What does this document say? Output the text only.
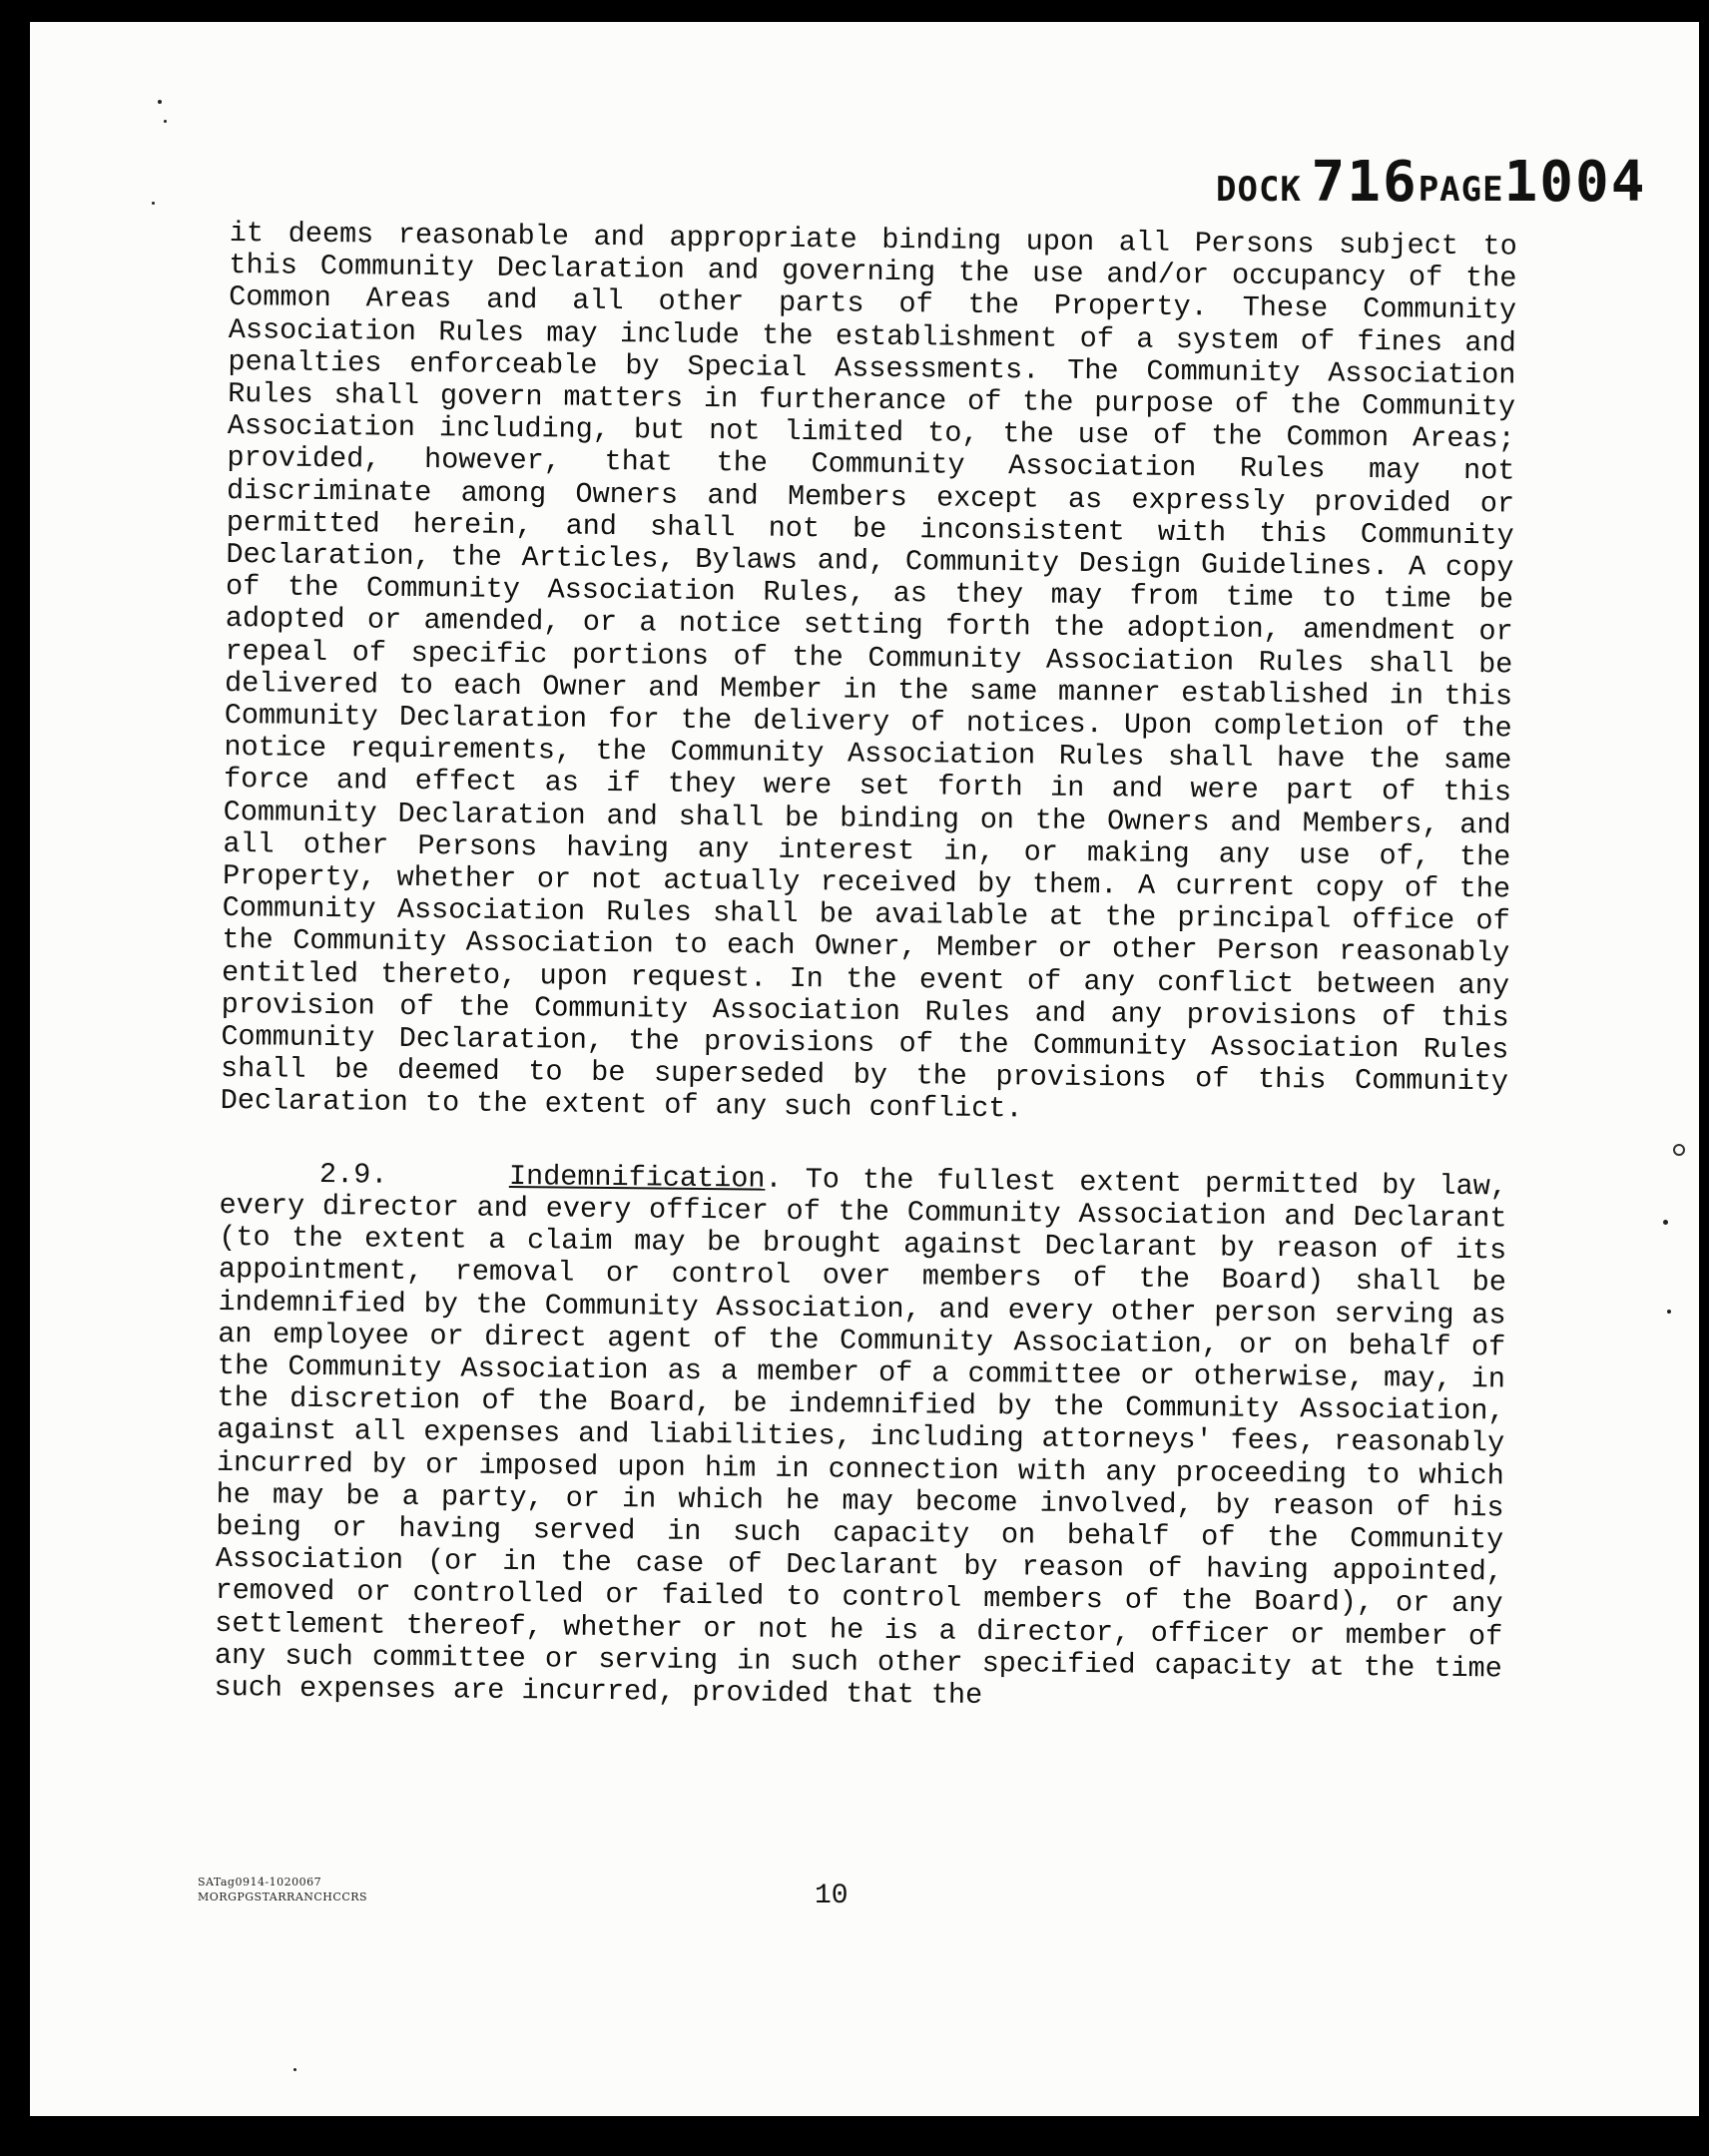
DOCK 716PAGE1004

it deems reasonable and appropriate binding upon all Persons subject to this Community Declaration and governing the use and/or occupancy of the Common Areas and all other parts of the Property. These Community Association Rules may include the establishment of a system of fines and penalties enforceable by Special Assessments. The Community Association Rules shall govern matters in furtherance of the purpose of the Community Association including, but not limited to, the use of the Common Areas; provided, however, that the Community Association Rules may not discriminate among Owners and Members except as expressly provided or permitted herein, and shall not be inconsistent with this Community Declaration, the Articles, Bylaws and, Community Design Guidelines. A copy of the Community Association Rules, as they may from time to time be adopted or amended, or a notice setting forth the adoption, amendment or repeal of specific portions of the Community Association Rules shall be delivered to each Owner and Member in the same manner established in this Community Declaration for the delivery of notices. Upon completion of the notice requirements, the Community Association Rules shall have the same force and effect as if they were set forth in and were part of this Community Declaration and shall be binding on the Owners and Members, and all other Persons having any interest in, or making any use of, the Property, whether or not actually received by them. A current copy of the Community Association Rules shall be available at the principal office of the Community Association to each Owner, Member or other Person reasonably entitled thereto, upon request. In the event of any conflict between any provision of the Community Association Rules and any provisions of this Community Declaration, the provisions of the Community Association Rules shall be deemed to be superseded by the provisions of this Community Declaration to the extent of any such conflict.

2.9.	Indemnification. To the fullest extent permitted by law, every director and every officer of the Community Association and Declarant (to the extent a claim may be brought against Declarant by reason of its appointment, removal or control over members of the Board) shall be indemnified by the Community Association, and every other person serving as an employee or direct agent of the Community Association, or on behalf of the Community Association as a member of a committee or otherwise, may, in the discretion of the Board, be indemnified by the Community Association, against all expenses and liabilities, including attorneys' fees, reasonably incurred by or imposed upon him in connection with any proceeding to which he may be a party, or in which he may become involved, by reason of his being or having served in such capacity on behalf of the Community Association (or in the case of Declarant by reason of having appointed, removed or controlled or failed to control members of the Board), or any settlement thereof, whether or not he is a director, officer or member of any such committee or serving in such other specified capacity at the time such expenses are incurred, provided that the

SATag0914-1020067
MORGPGSTARRANCHCCRS	10
